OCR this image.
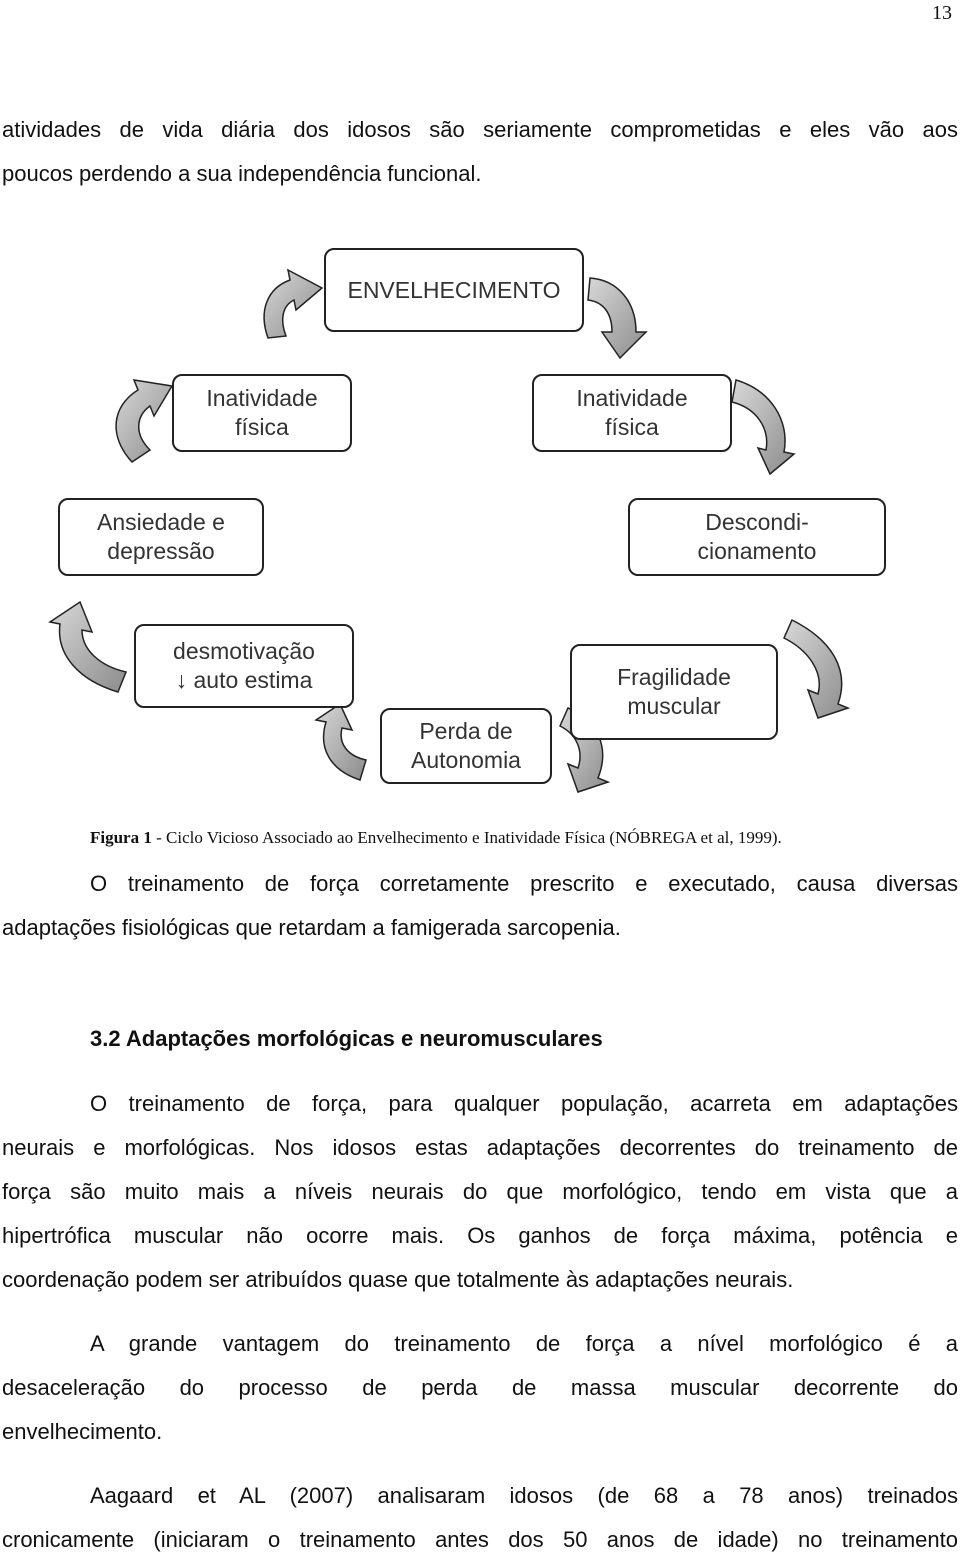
13
atividades de vida diária dos idosos são seriamente comprometidas e eles vão aos
poucos perdendo a sua independência funcional.
ENVELHECIMENTO
Inatividade
física
Inatividade
física
Ansiedade e
depressão
Descondi-
cionamento
desmotivação
↓ auto estima	Fragilidade
muscular
Perda de
Autonomia
Figura 1 - Ciclo Vicioso Associado ao Envelhecimento e Inatividade Física (NÓBREGA et al, 1999).
O treinamento de força corretamente prescrito e executado, causa diversas
adaptações fisiológicas que retardam a famigerada sarcopenia.
3.2 Adaptações morfológicas e neuromusculares
O treinamento de força, para qualquer população, acarreta em adaptações
neurais e morfológicas. Nos idosos estas adaptações decorrentes do treinamento de
força são muito mais a níveis neurais do que morfológico, tendo em vista que a
hipertrófica muscular não ocorre mais. Os ganhos de força máxima, potência e
coordenação podem ser atribuídos quase que totalmente às adaptações neurais.
A grande vantagem do treinamento de força a nível morfológico é a
desaceleração do processo de perda de massa muscular decorrente do
envelhecimento.
Aagaard et AL (2007) analisaram idosos (de 68 a 78 anos) treinados
cronicamente (iniciaram o treinamento antes dos 50 anos de idade) no treinamento
